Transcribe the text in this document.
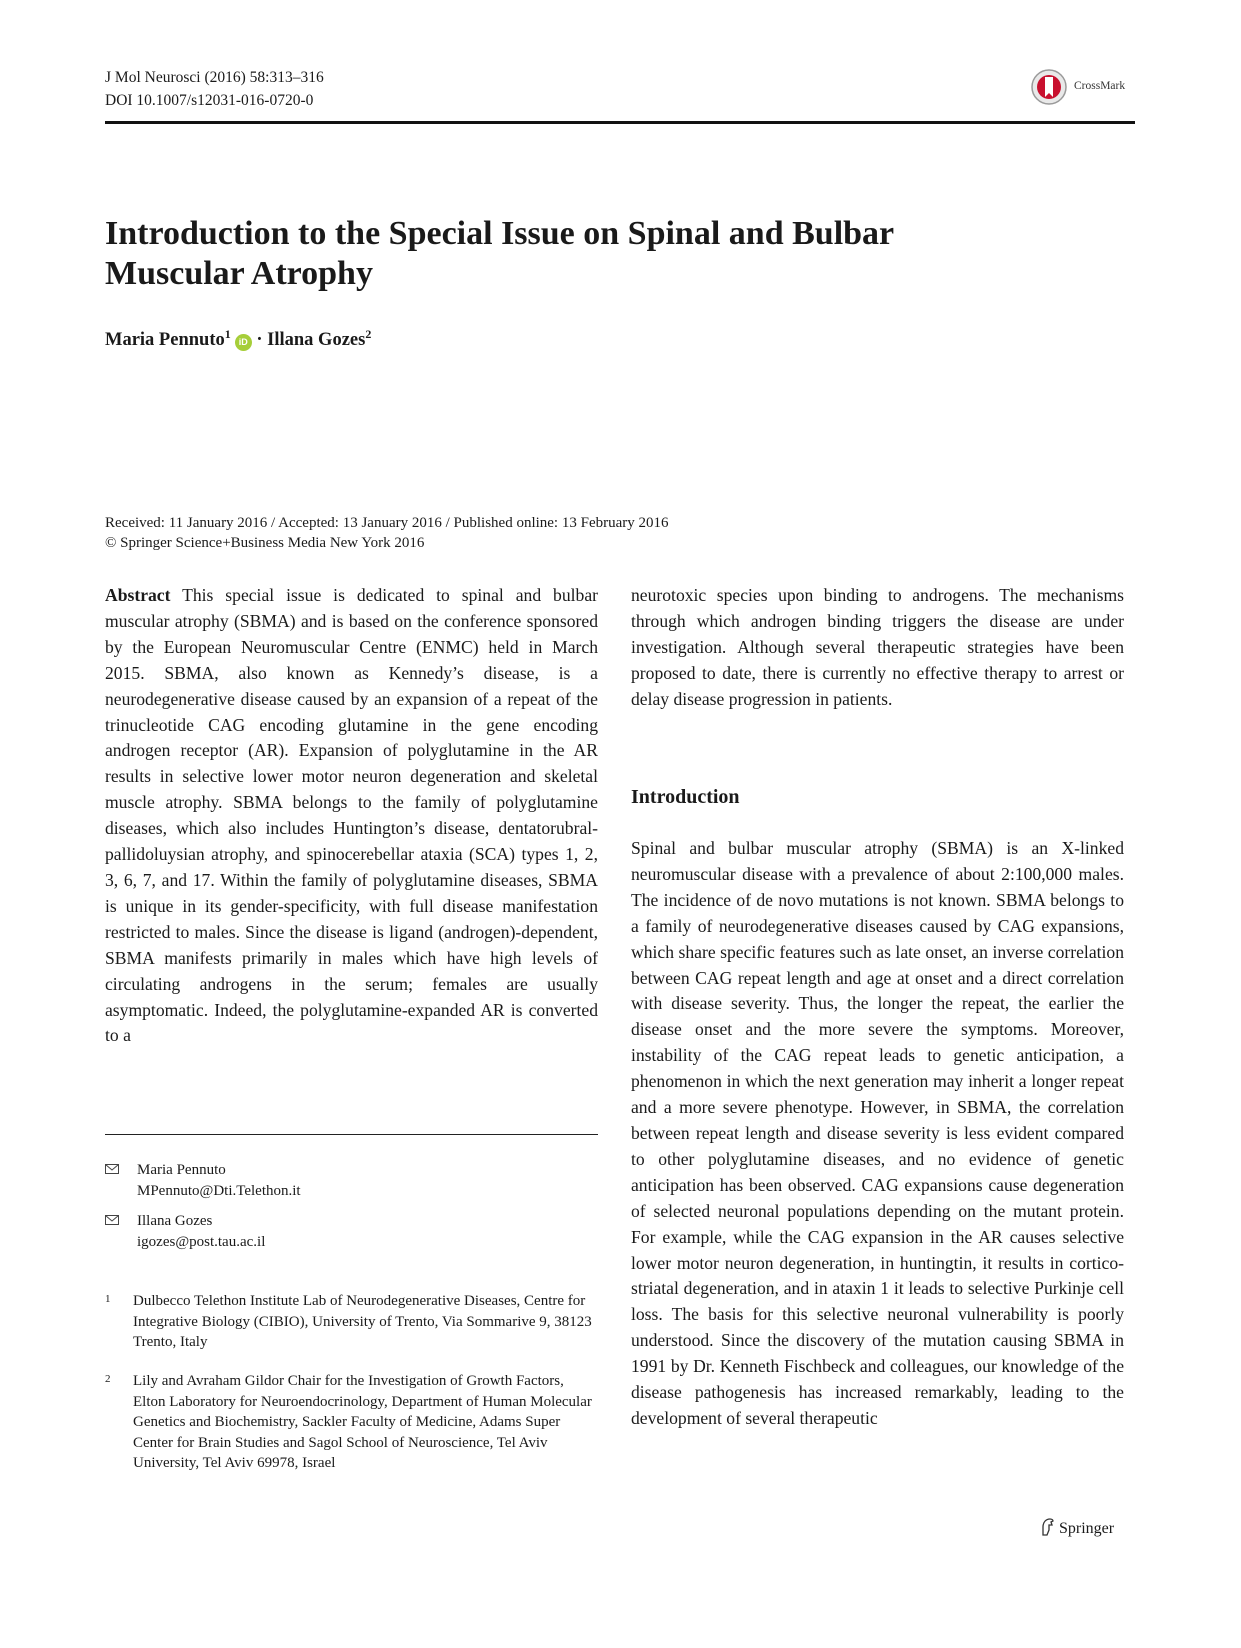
J Mol Neurosci (2016) 58:313–316
DOI 10.1007/s12031-016-0720-0
CrossMark
Introduction to the Special Issue on Spinal and Bulbar
Muscular Atrophy
Maria Pennuto$^1$iD · Illana Gozes$^2$
Received: 11 January 2016 / Accepted: 13 January 2016 / Published online: 13 February 2016
© Springer Science+Business Media New York 2016

Abstract This special issue is dedicated to spinal and bulbar muscular atrophy (SBMA) and is based on the conference sponsored by the European Neuromuscular Centre (ENMC) held in March 2015. SBMA, also known as Kennedy’s disease, is a neurodegenerative disease caused by an expansion of a repeat of the trinucleotide CAG encoding glutamine in the gene encoding androgen receptor (AR). Expansion of polyglutamine in the AR results in selective lower motor neuron degeneration and skeletal muscle atrophy. SBMA belongs to the family of polyglutamine diseases, which also includes Huntington’s disease, dentatorubral-pallidoluysian atrophy, and spinocerebellar ataxia (SCA) types 1, 2, 3, 6, 7, and 17. Within the family of polyglutamine diseases, SBMA is unique in its gender-specificity, with full disease manifestation restricted to males. Since the disease is ligand (androgen)-dependent, SBMA manifests primarily in males which have high levels of circulating androgens in the serum; females are usually asymptomatic. Indeed, the polyglutamine-expanded AR is converted to a

neurotoxic species upon binding to androgens. The mechanisms through which androgen binding triggers the disease are under investigation. Although several therapeutic strategies have been proposed to date, there is currently no effective therapy to arrest or delay disease progression in patients.

Introduction

Spinal and bulbar muscular atrophy (SBMA) is an X-linked neuromuscular disease with a prevalence of about 2:100,000 males. The incidence of de novo mutations is not known. SBMA belongs to a family of neurodegenerative diseases caused by CAG expansions, which share specific features such as late onset, an inverse correlation between CAG repeat length and age at onset and a direct correlation with disease severity. Thus, the longer the repeat, the earlier the disease onset and the more severe the symptoms. Moreover, instability of the CAG repeat leads to genetic anticipation, a phenomenon in which the next generation may inherit a longer repeat and a more severe phenotype. However, in SBMA, the correlation between repeat length and disease severity is less evident compared to other polyglutamine diseases, and no evidence of genetic anticipation has been observed. CAG expansions cause degeneration of selected neuronal populations depending on the mutant protein. For example, while the CAG expansion in the AR causes selective lower motor neuron degeneration, in huntingtin, it results in cortico-striatal degeneration, and in ataxin 1 it leads to selective Purkinje cell loss. The basis for this selective neuronal vulnerability is poorly understood. Since the discovery of the mutation causing SBMA in 1991 by Dr. Kenneth Fischbeck and colleagues, our knowledge of the disease pathogenesis has increased remarkably, leading to the development of several therapeutic

Maria Pennuto
MPennuto@Dti.Telethon.it
Illana Gozes
igozes@post.tau.ac.il
1 Dulbecco Telethon Institute Lab of Neurodegenerative Diseases, Centre for Integrative Biology (CIBIO), University of Trento, Via Sommarive 9, 38123 Trento, Italy
2 Lily and Avraham Gildor Chair for the Investigation of Growth Factors, Elton Laboratory for Neuroendocrinology, Department of Human Molecular Genetics and Biochemistry, Sackler Faculty of Medicine, Adams Super Center for Brain Studies and Sagol School of Neuroscience, Tel Aviv University, Tel Aviv 69978, Israel
Springer
